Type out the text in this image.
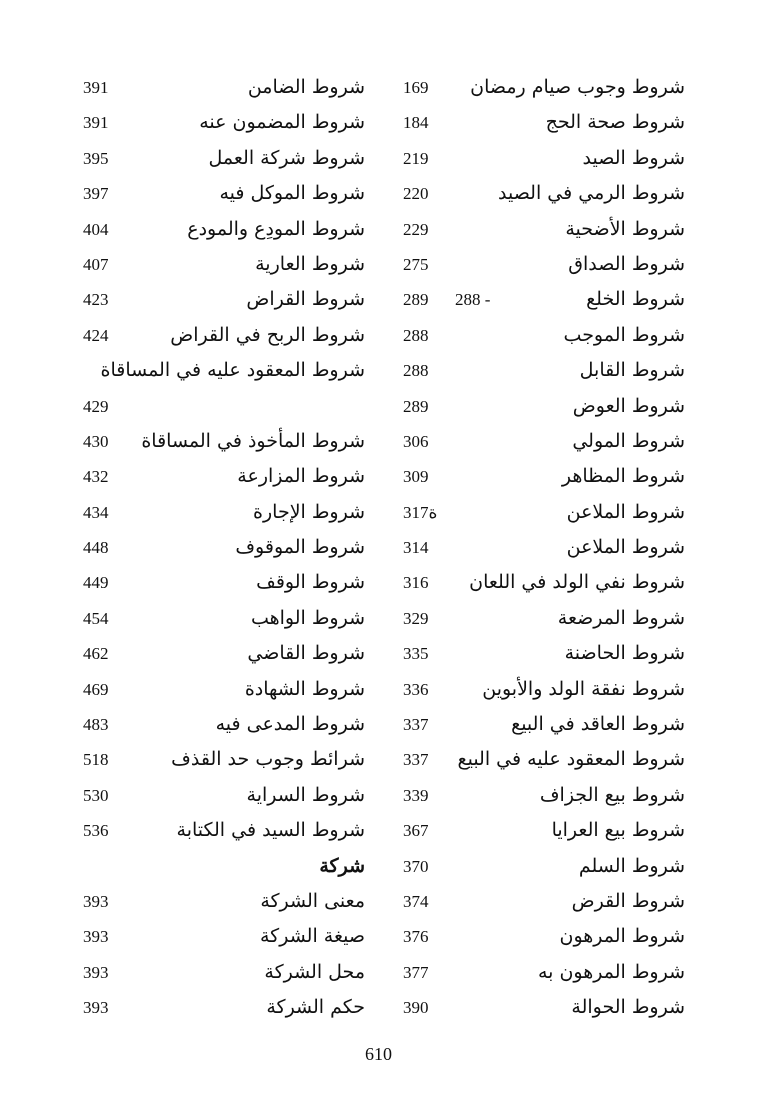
شروط وجوب صيام رمضان
169
شروط صحة الحج
184
شروط الصيد
219
شروط الرمي في الصيد
220
شروط الأضحية
229
شروط الصداق
275
شروط الخلع
288 -
289
شروط الموجب
288
شروط القابل
288
شروط العوض
289
شروط المولي
306
شروط المظاهر
309
شروط الملاعن
317ة
شروط الملاعن
314
شروط نفي الولد في اللعان
316
شروط المرضعة
329
شروط الحاضنة
335
شروط نفقة الولد والأبوين
336
شروط العاقد في البيع
337
شروط المعقود عليه في البيع
337
شروط بيع الجزاف
339
شروط بيع العرايا
367
شروط السلم
370
شروط القرض
374
شروط المرهون
376
شروط المرهون به
377
شروط الحوالة
390
شروط الضامن
391
شروط المضمون عنه
391
شروط شركة العمل
395
شروط الموكل فيه
397
شروط المودِع والمودع
404
شروط العارية
407
شروط القراض
423
شروط الربح في القراض
424
شروط المعقود عليه في المساقاة
429
شروط المأخوذ في المساقاة
430
شروط المزارعة
432
شروط الإجارة
434
شروط الموقوف
448
شروط الوقف
449
شروط الواهب
454
شروط القاضي
462
شروط الشهادة
469
شروط المدعى فيه
483
شرائط وجوب حد القذف
518
شروط السراية
530
شروط السيد في الكتابة
536
شركة
معنى الشركة
393
صيغة الشركة
393
محل الشركة
393
حكم الشركة
393
610
